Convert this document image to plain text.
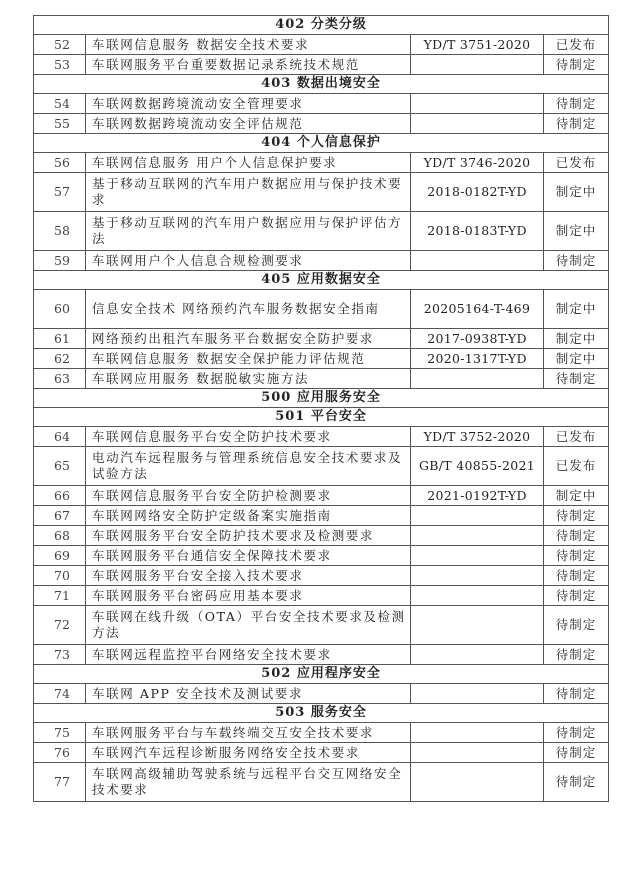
402 分类分级			
52	车联网信息服务 数据安全技术要求	YD/T 3751-2020	已发布
53	车联网服务平台重要数据记录系统技术规范		待制定
403 数据出境安全			
54	车联网数据跨境流动安全管理要求		待制定
55	车联网数据跨境流动安全评估规范		待制定
404 个人信息保护			
56	车联网信息服务 用户个人信息保护要求	YD/T 3746-2020	已发布
57	基于移动互联网的汽车用户数据应用与保护技术要求	2018-0182T-YD	制定中
58	基于移动互联网的汽车用户数据应用与保护评估方法	2018-0183T-YD	制定中
59	车联网用户个人信息合规检测要求		待制定
405 应用数据安全			
60	信息安全技术 网络预约汽车服务数据安全指南	20205164-T-469	制定中
61	网络预约出租汽车服务平台数据安全防护要求	2017-0938T-YD	制定中
62	车联网信息服务 数据安全保护能力评估规范	2020-1317T-YD	制定中
63	车联网应用服务 数据脱敏实施方法		待制定
500 应用服务安全			
501 平台安全			
64	车联网信息服务平台安全防护技术要求	YD/T 3752-2020	已发布
65	电动汽车远程服务与管理系统信息安全技术要求及试验方法	GB/T 40855-2021	已发布
66	车联网信息服务平台安全防护检测要求	2021-0192T-YD	制定中
67	车联网网络安全防护定级备案实施指南		待制定
68	车联网服务平台安全防护技术要求及检测要求		待制定
69	车联网服务平台通信安全保障技术要求		待制定
70	车联网服务平台安全接入技术要求		待制定
71	车联网服务平台密码应用基本要求		待制定
72	车联网在线升级（OTA）平台安全技术要求及检测方法		待制定
73	车联网远程监控平台网络安全技术要求		待制定
502 应用程序安全			
74	车联网 APP 安全技术及测试要求		待制定
503 服务安全			
75	车联网服务平台与车载终端交互安全技术要求		待制定
76	车联网汽车远程诊断服务网络安全技术要求		待制定
77	车联网高级辅助驾驶系统与远程平台交互网络安全技术要求		待制定
